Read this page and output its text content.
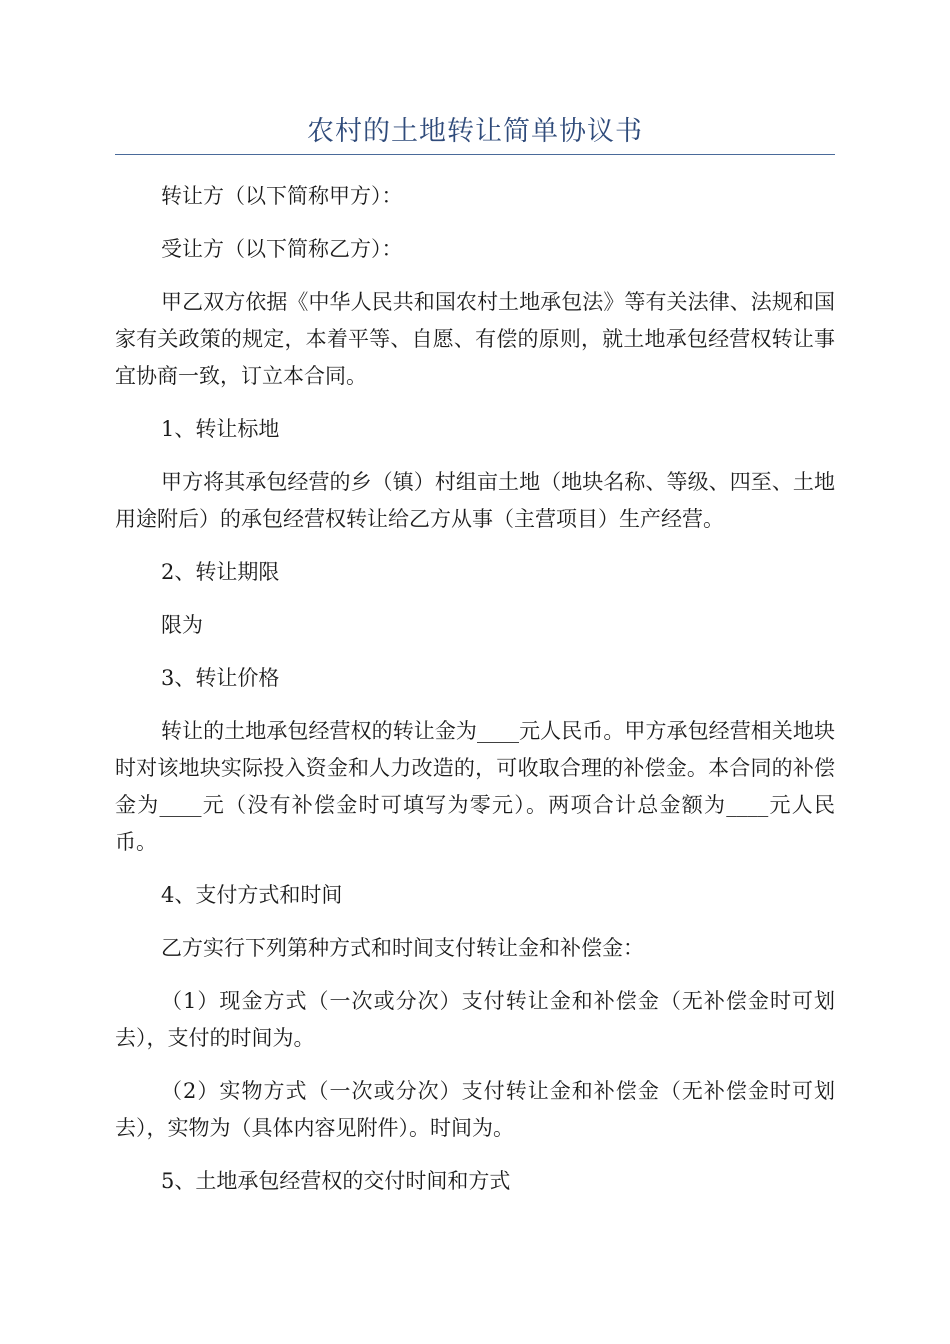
农村的土地转让简单协议书

转让方（以下简称甲方）：

受让方（以下简称乙方）：

甲乙双方依据《中华人民共和国农村土地承包法》等有关法律、法规和国家有关政策的规定，本着平等、自愿、有偿的原则，就土地承包经营权转让事宜协商一致，订立本合同。

1、转让标地

甲方将其承包经营的乡（镇）村组亩土地（地块名称、等级、四至、土地用途附后）的承包经营权转让给乙方从事（主营项目）生产经营。

2、转让期限

限为

3、转让价格

转让的土地承包经营权的转让金为____元人民币。甲方承包经营相关地块时对该地块实际投入资金和人力改造的，可收取合理的补偿金。本合同的补偿金为____元（没有补偿金时可填写为零元）。两项合计总金额为____元人民币。

4、支付方式和时间

乙方实行下列第种方式和时间支付转让金和补偿金：

（1）现金方式（一次或分次）支付转让金和补偿金（无补偿金时可划去），支付的时间为。

（2）实物方式（一次或分次）支付转让金和补偿金（无补偿金时可划去），实物为（具体内容见附件）。时间为。

5、土地承包经营权的交付时间和方式
